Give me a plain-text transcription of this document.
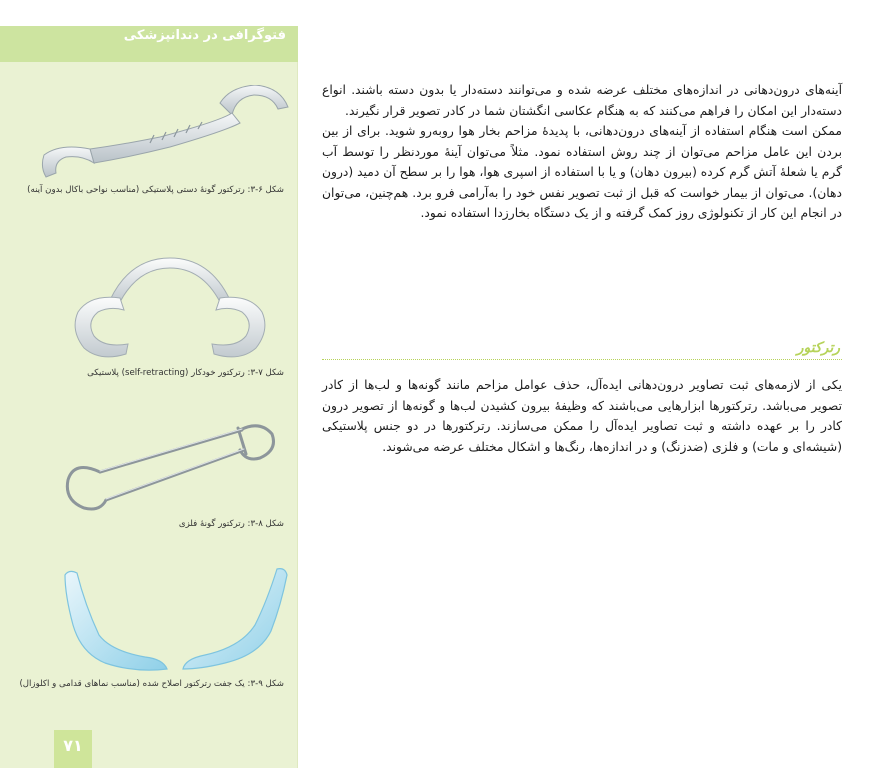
فتوگرافی در دندانپزشکی
شکل ۶-۳: رترکتور گونهٔ دستی پلاستیکی (مناسب نواحی باکال بدون آینه)
شکل ۷-۳: رترکتور خودکار (self-retracting) پلاستیکی
شکل ۸-۳: رترکتور گونهٔ فلزی
شکل ۹-۳: یک جفت رترکتور اصلاح شده (مناسب نماهای قدامی و اکلوزال)
۷۱

آینه‌های درون‌دهانی در اندازه‌های مختلف عرضه شده و می‌توانند دسته‌دار یا بدون دسته باشند. انواع دسته‌دار این امکان را فراهم می‌کنند که به هنگام عکاسی انگشتان شما در کادر تصویر قرار نگیرند.

ممکن است هنگام استفاده از آینه‌های درون‌دهانی، با پدیدهٔ مزاحم بخار هوا روبه‌رو شوید. برای از بین بردن این عامل مزاحم می‌توان از چند روش استفاده نمود. مثلاً می‌توان آینهٔ موردنظر را توسط آب گرم یا شعلهٔ آتش گرم کرده (بیرون دهان) و یا با استفاده از اسپری هوا، هوا را بر سطح آن دمید (درون دهان). می‌توان از بیمار خواست که قبل از ثبت تصویر نفس خود را به‌آرامی فرو برد. هم‌چنین، می‌توان در انجام این کار از تکنولوژی روز کمک گرفته و از یک دستگاه بخارزدا استفاده نمود.

رترکتور

یکی از لازمه‌های ثبت تصاویر درون‌دهانی ایده‌آل، حذف عوامل مزاحم مانند گونه‌ها و لب‌ها از کادر تصویر می‌باشد. رترکتورها ابزارهایی می‌باشند که وظیفهٔ بیرون کشیدن لب‌ها و گونه‌ها از تصویر درون کادر را بر عهده داشته و ثبت تصاویر ایده‌آل را ممکن می‌سازند. رترکتورها در دو جنس پلاستیکی (شیشه‌ای و مات) و فلزی (ضدزنگ) و در اندازه‌ها، رنگ‌ها و اشکال مختلف عرضه می‌شوند.
